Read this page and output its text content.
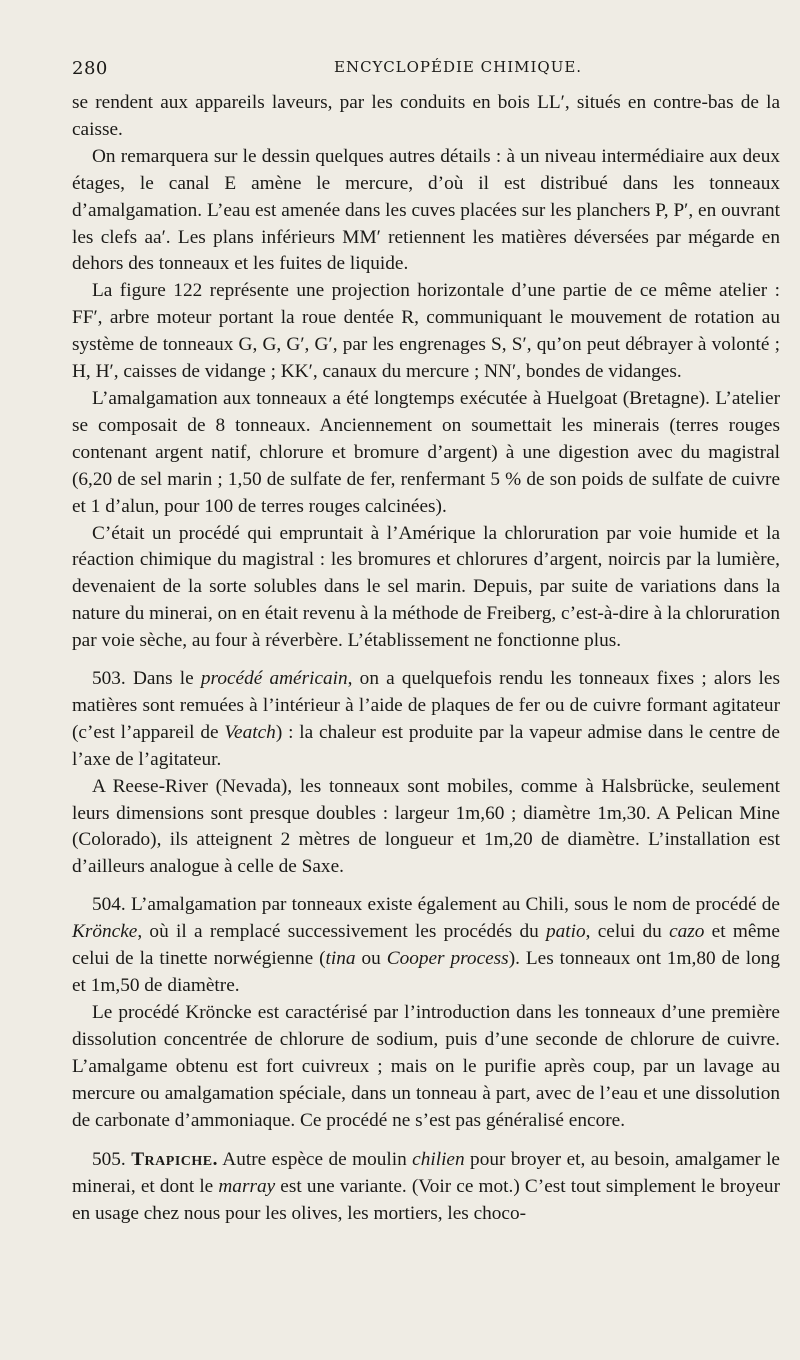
280	ENCYCLOPÉDIE CHIMIQUE.

se rendent aux appareils laveurs, par les conduits en bois LL′, situés en contre-bas de la caisse.

On remarquera sur le dessin quelques autres détails : à un niveau intermédiaire aux deux étages, le canal E amène le mercure, d’où il est distribué dans les tonneaux d’amalgamation. L’eau est amenée dans les cuves placées sur les planchers P, P′, en ouvrant les clefs aa′. Les plans inférieurs MM′ retiennent les matières déversées par mégarde en dehors des tonneaux et les fuites de liquide.

La figure 122 représente une projection horizontale d’une partie de ce même atelier : FF′, arbre moteur portant la roue dentée R, communiquant le mouvement de rotation au système de tonneaux G, G, G′, G′, par les engrenages S, S′, qu’on peut débrayer à volonté ; H, H′, caisses de vidange ; KK′, canaux du mercure ; NN′, bondes de vidanges.

L’amalgamation aux tonneaux a été longtemps exécutée à Huelgoat (Bretagne). L’atelier se composait de 8 tonneaux. Anciennement on soumettait les minerais (terres rouges contenant argent natif, chlorure et bromure d’argent) à une digestion avec du magistral (6,20 de sel marin ; 1,50 de sulfate de fer, renfermant 5 % de son poids de sulfate de cuivre et 1 d’alun, pour 100 de terres rouges calcinées).

C’était un procédé qui empruntait à l’Amérique la chloruration par voie humide et la réaction chimique du magistral : les bromures et chlorures d’argent, noircis par la lumière, devenaient de la sorte solubles dans le sel marin. Depuis, par suite de variations dans la nature du minerai, on en était revenu à la méthode de Freiberg, c’est-à-dire à la chloruration par voie sèche, au four à réverbère. L’établissement ne fonctionne plus.

503. Dans le procédé américain, on a quelquefois rendu les tonneaux fixes ; alors les matières sont remuées à l’intérieur à l’aide de plaques de fer ou de cuivre formant agitateur (c’est l’appareil de Veatch) : la chaleur est produite par la vapeur admise dans le centre de l’axe de l’agitateur.

A Reese-River (Nevada), les tonneaux sont mobiles, comme à Halsbrücke, seulement leurs dimensions sont presque doubles : largeur 1m,60 ; diamètre 1m,30. A Pelican Mine (Colorado), ils atteignent 2 mètres de longueur et 1m,20 de diamètre. L’installation est d’ailleurs analogue à celle de Saxe.

504. L’amalgamation par tonneaux existe également au Chili, sous le nom de procédé de Kröncke, où il a remplacé successivement les procédés du patio, celui du cazo et même celui de la tinette norwégienne (tina ou Cooper process). Les tonneaux ont 1m,80 de long et 1m,50 de diamètre.

Le procédé Kröncke est caractérisé par l’introduction dans les tonneaux d’une première dissolution concentrée de chlorure de sodium, puis d’une seconde de chlorure de cuivre. L’amalgame obtenu est fort cuivreux ; mais on le purifie après coup, par un lavage au mercure ou amalgamation spéciale, dans un tonneau à part, avec de l’eau et une dissolution de carbonate d’ammoniaque. Ce procédé ne s’est pas généralisé encore.

505. Trapiche. Autre espèce de moulin chilien pour broyer et, au besoin, amalgamer le minerai, et dont le marray est une variante. (Voir ce mot.) C’est tout simplement le broyeur en usage chez nous pour les olives, les mortiers, les choco-
